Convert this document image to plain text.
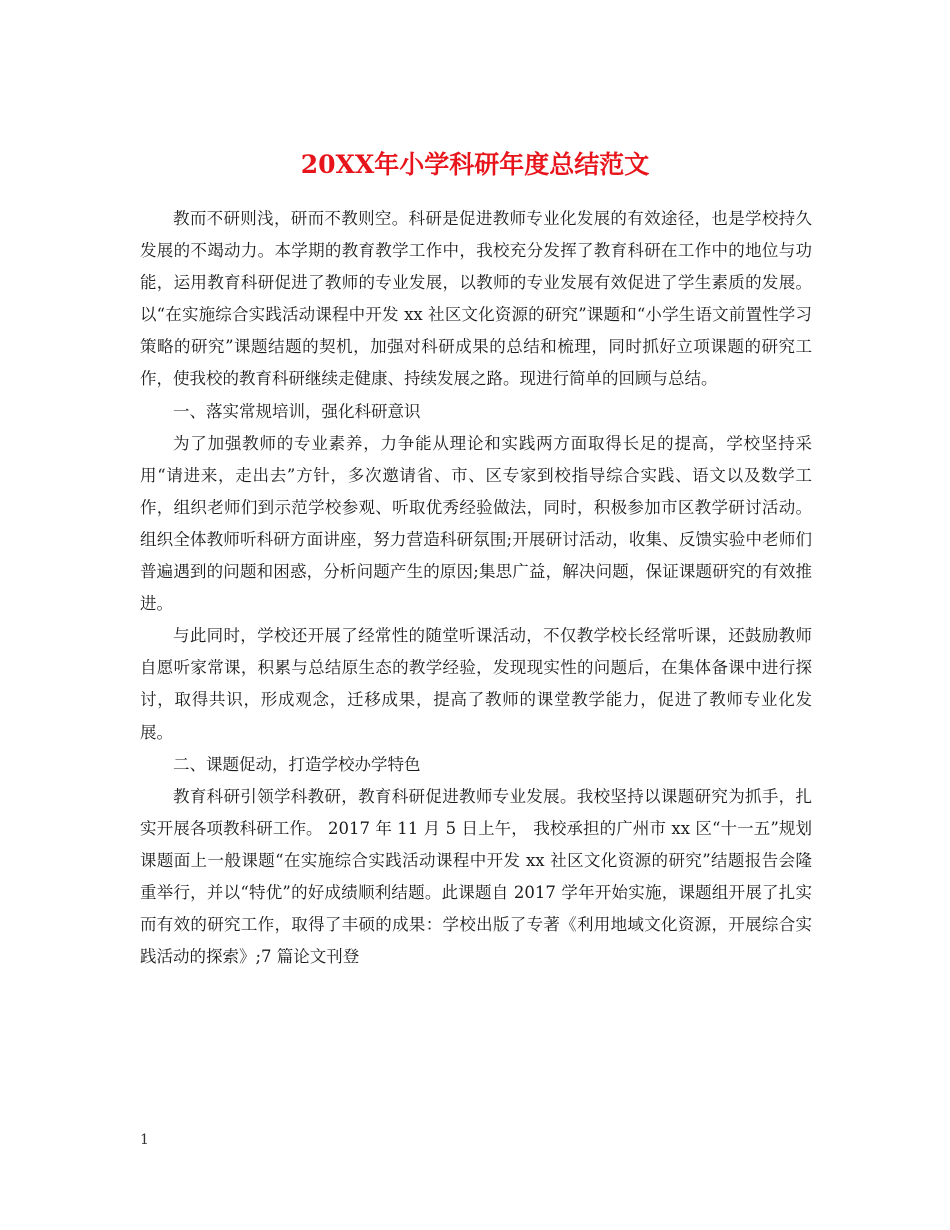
20XX年小学科研年度总结范文

教而不研则浅，研而不教则空。科研是促进教师专业化发展的有效途径，也是学校持久发展的不竭动力。本学期的教育教学工作中，我校充分发挥了教育科研在工作中的地位与功能，运用教育科研促进了教师的专业发展，以教师的专业发展有效促进了学生素质的发展。以“在实施综合实践活动课程中开发 xx 社区文化资源的研究”课题和“小学生语文前置性学习策略的研究”课题结题的契机，加强对科研成果的总结和梳理，同时抓好立项课题的研究工作，使我校的教育科研继续走健康、持续发展之路。现进行简单的回顾与总结。

一、落实常规培训，强化科研意识

为了加强教师的专业素养，力争能从理论和实践两方面取得长足的提高，学校坚持采用“请进来，走出去”方针，多次邀请省、市、区专家到校指导综合实践、语文以及数学工作，组织老师们到示范学校参观、听取优秀经验做法，同时，积极参加市区教学研讨活动。组织全体教师听科研方面讲座，努力营造科研氛围;开展研讨活动，收集、反馈实验中老师们普遍遇到的问题和困惑，分析问题产生的原因;集思广益，解决问题，保证课题研究的有效推进。

与此同时，学校还开展了经常性的随堂听课活动，不仅教学校长经常听课，还鼓励教师自愿听家常课，积累与总结原生态的教学经验，发现现实性的问题后，在集体备课中进行探讨，取得共识，形成观念，迁移成果，提高了教师的课堂教学能力，促进了教师专业化发展。

二、课题促动，打造学校办学特色

教育科研引领学科教研，教育科研促进教师专业发展。我校坚持以课题研究为抓手，扎实开展各项教科研工作。 2017 年 11 月 5 日上午， 我校承担的广州市 xx 区“十一五”规划课题面上一般课题“在实施综合实践活动课程中开发 xx 社区文化资源的研究”结题报告会隆重举行，并以“特优”的好成绩顺利结题。此课题自 2017 学年开始实施，课题组开展了扎实而有效的研究工作，取得了丰硕的成果：学校出版了专著《利用地域文化资源，开展综合实践活动的探索》;7 篇论文刊登

1
